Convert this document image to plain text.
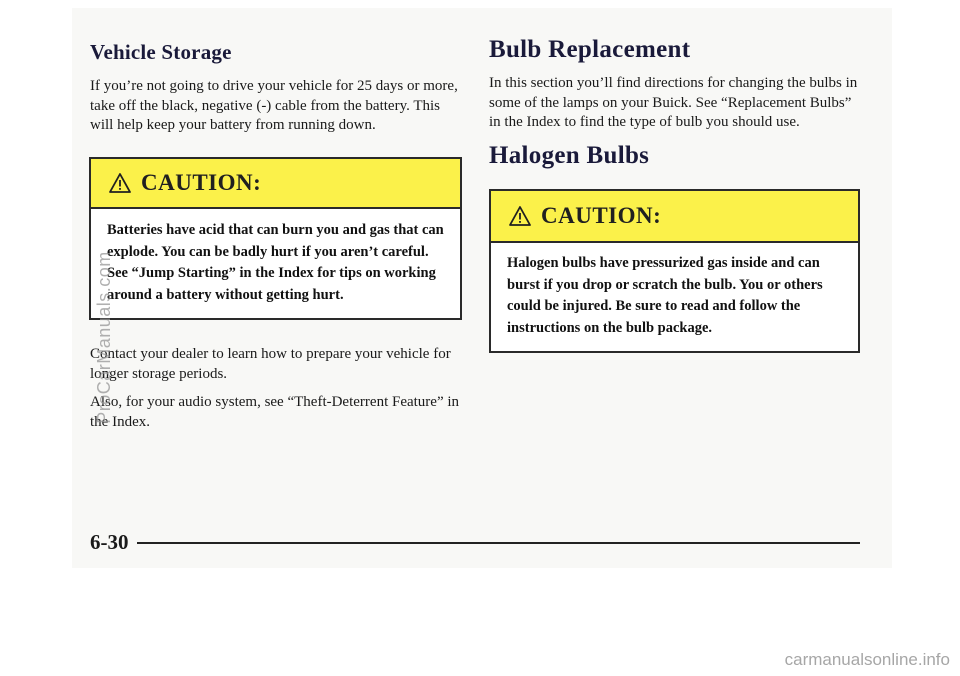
Vehicle Storage

If you’re not going to drive your vehicle for 25 days or more, take off the black, negative (-) cable from the battery. This will help keep your battery from running down.

CAUTION:
Batteries have acid that can burn you and gas that can explode. You can be badly hurt if you aren’t careful. See “Jump Starting” in the Index for tips on working around a battery without getting hurt.

Contact your dealer to learn how to prepare your vehicle for longer storage periods.

Also, for your audio system, see “Theft-Deterrent Feature” in the Index.

Bulb Replacement

In this section you’ll find directions for changing the bulbs in some of the lamps on your Buick. See “Replacement Bulbs” in the Index to find the type of bulb you should use.

Halogen Bulbs
CAUTION:
Halogen bulbs have pressurized gas inside and can burst if you drop or scratch the bulb. You or others could be injured. Be sure to read and follow the instructions on the bulb package.
6-30
ProCarManuals.com
carmanualsonline.info
